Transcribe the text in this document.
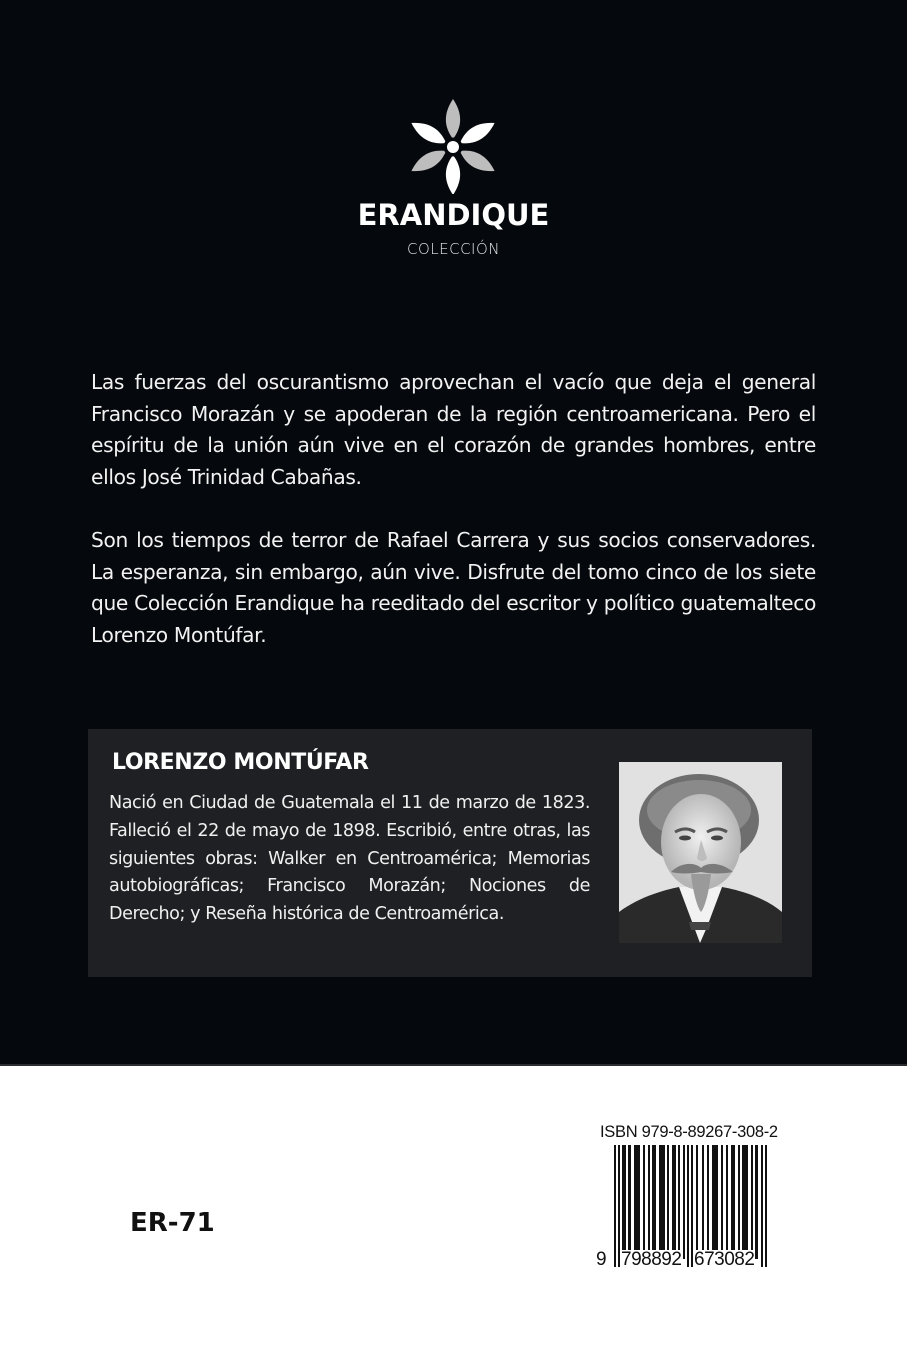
ERANDIQUE
COLECCIÓN

Las fuerzas del oscurantismo aprovechan el vacío que deja el general Francisco Morazán y se apoderan de la región centroamericana. Pero el espíritu de la unión aún vive en el corazón de grandes hombres, entre ellos José Trinidad Cabañas.

Son los tiempos de terror de Rafael Carrera y sus socios conservadores. La esperanza, sin embargo, aún vive. Disfrute del tomo cinco de los siete que Colección Erandique ha reeditado del escritor y político guatemalteco Lorenzo Montúfar.

LORENZO MONTÚFAR

Nació en Ciudad de Guatemala el 11 de marzo de 1823. Falleció el 22 de mayo de 1898. Escribió, entre otras, las siguientes obras: Walker en Centroamérica; Memorias autobiográficas; Francisco Morazán; Nociones de Derecho; y Reseña histórica de Centroamérica.

ER-71
ISBN 979-8-89267-308-2
9 798892 673082
